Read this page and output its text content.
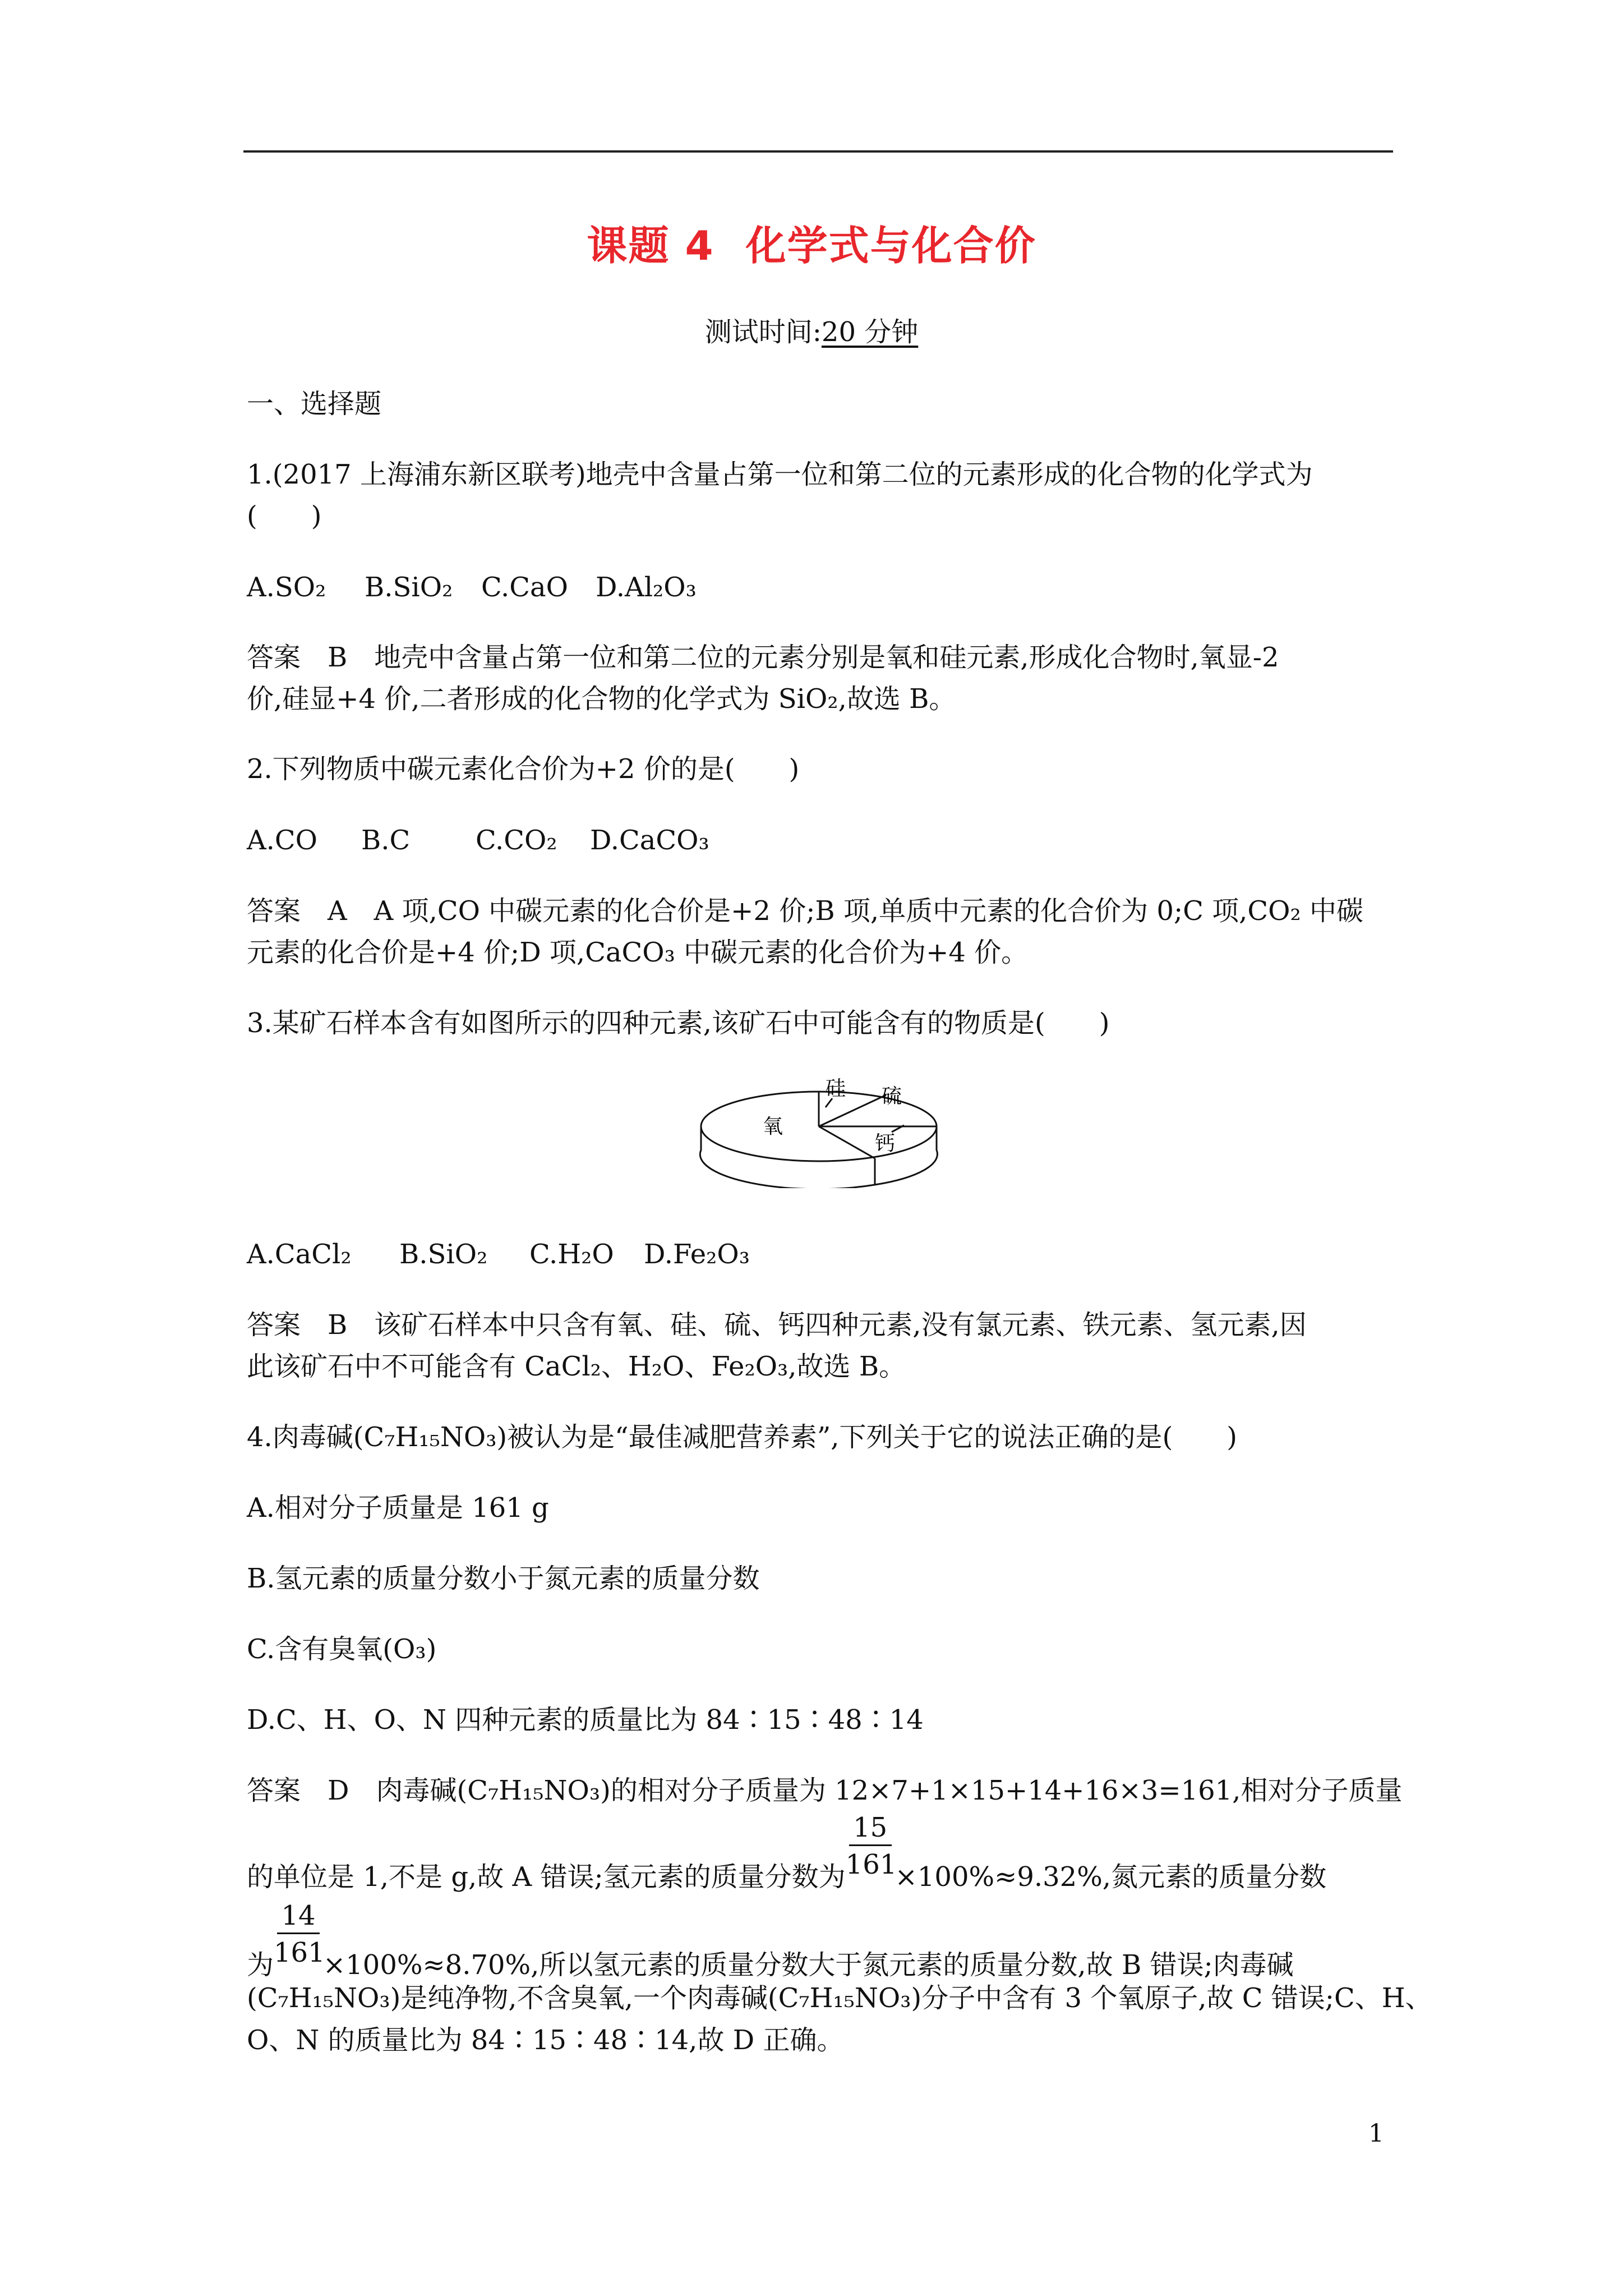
课题 4 化学式与化合价
测试时间:20 分钟
一、选择题
1.(2017 上海浦东新区联考)地壳中含量占第一位和第二位的元素形成的化合物的化学式为
(　　)
A.SO₂ B.SiO₂ C.CaO D.Al₂O₃
答案　B　地壳中含量占第一位和第二位的元素分别是氧和硅元素,形成化合物时,氧显-2
价,硅显+4 价,二者形成的化合物的化学式为 SiO₂,故选 B。
2.下列物质中碳元素化合价为+2 价的是(　　)
A.CO B.C C.CO₂ D.CaCO₃
答案　A　A 项,CO 中碳元素的化合价是+2 价;B 项,单质中元素的化合价为 0;C 项,CO₂ 中碳
元素的化合价是+4 价;D 项,CaCO₃ 中碳元素的化合价为+4 价。
3.某矿石样本含有如图所示的四种元素,该矿石中可能含有的物质是(　　)
氧
硅 硫
钙
A.CaCl₂ B.SiO₂ C.H₂O D.Fe₂O₃
答案　B　该矿石样本中只含有氧、硅、硫、钙四种元素,没有氯元素、铁元素、氢元素,因
此该矿石中不可能含有 CaCl₂、H₂O、Fe₂O₃,故选 B。
4.肉毒碱(C₇H₁₅NO₃)被认为是“最佳减肥营养素”,下列关于它的说法正确的是(　　)
A.相对分子质量是 161 g
B.氢元素的质量分数小于氮元素的质量分数
C.含有臭氧(O₃)
D.C、H、O、N 四种元素的质量比为 84∶15∶48∶14
答案　D　肉毒碱(C₇H₁₅NO₃)的相对分子质量为 12×7+1×15+14+16×3=161,相对分子质量
的单位是 1,不是 g,故 A 错误;氢元素的质量分数为 $\frac{15}{161} \times 100\%\approx 9.32\%$,氮元素的质量分数
为 $\frac{14}{161} \times 100\%\approx 8.70\%$,所以氢元素的质量分数大于氮元素的质量分数,故 B 错误;肉毒碱
(C₇H₁₅NO₃)是纯净物,不含臭氧,一个肉毒碱(C₇H₁₅NO₃)分子中含有 3 个氧原子,故 C 错误;C、H、
O、N 的质量比为 84∶15∶48∶14,故 D 正确。
1
